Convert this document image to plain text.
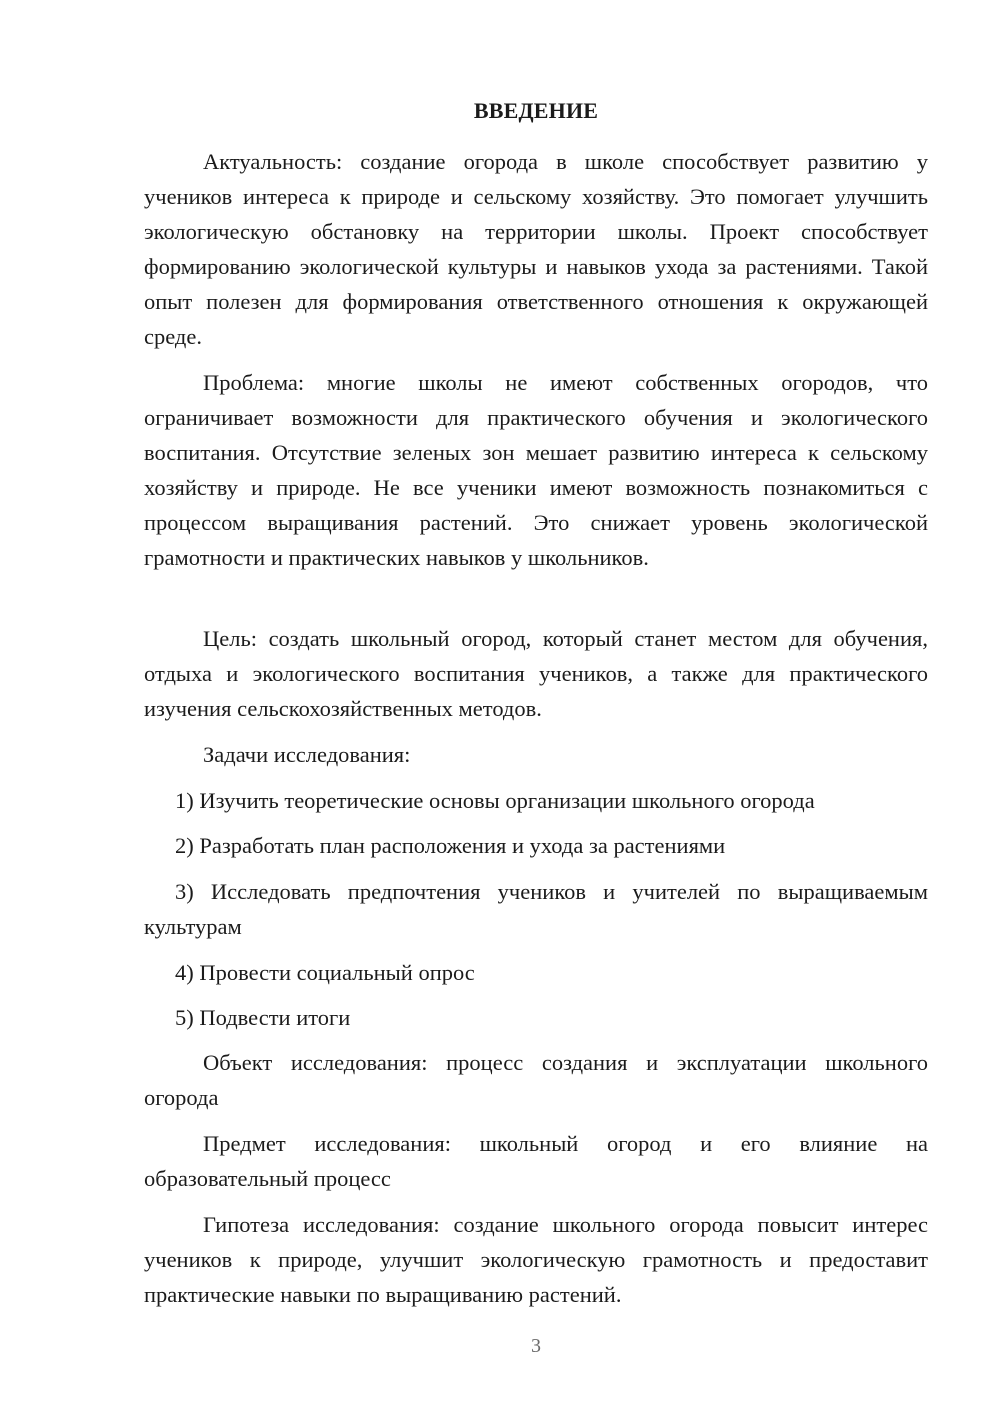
ВВЕДЕНИЕ

Актуальность: создание огорода в школе способствует развитию у учеников интереса к природе и сельскому хозяйству. Это помогает улучшить экологическую обстановку на территории школы. Проект способствует формированию экологической культуры и навыков ухода за растениями. Такой опыт полезен для формирования ответственного отношения к окружающей среде.

Проблема: многие школы не имеют собственных огородов, что ограничивает возможности для практического обучения и экологического воспитания. Отсутствие зеленых зон мешает развитию интереса к сельскому хозяйству и природе. Не все ученики имеют возможность познакомиться с процессом выращивания растений. Это снижает уровень экологической грамотности и практических навыков у школьников.

Цель: создать школьный огород, который станет местом для обучения, отдыха и экологического воспитания учеников, а также для практического изучения сельскохозяйственных методов.

Задачи исследования:

1) Изучить теоретические основы организации школьного огорода

2) Разработать план расположения и ухода за растениями

3) Исследовать предпочтения учеников и учителей по выращиваемым культурам

4) Провести социальный опрос

5) Подвести итоги

Объект исследования: процесс создания и эксплуатации школьного огорода

Предмет исследования: школьный огород и его влияние на образовательный процесс

Гипотеза исследования: создание школьного огорода повысит интерес учеников к природе, улучшит экологическую грамотность и предоставит практические навыки по выращиванию растений.

3
